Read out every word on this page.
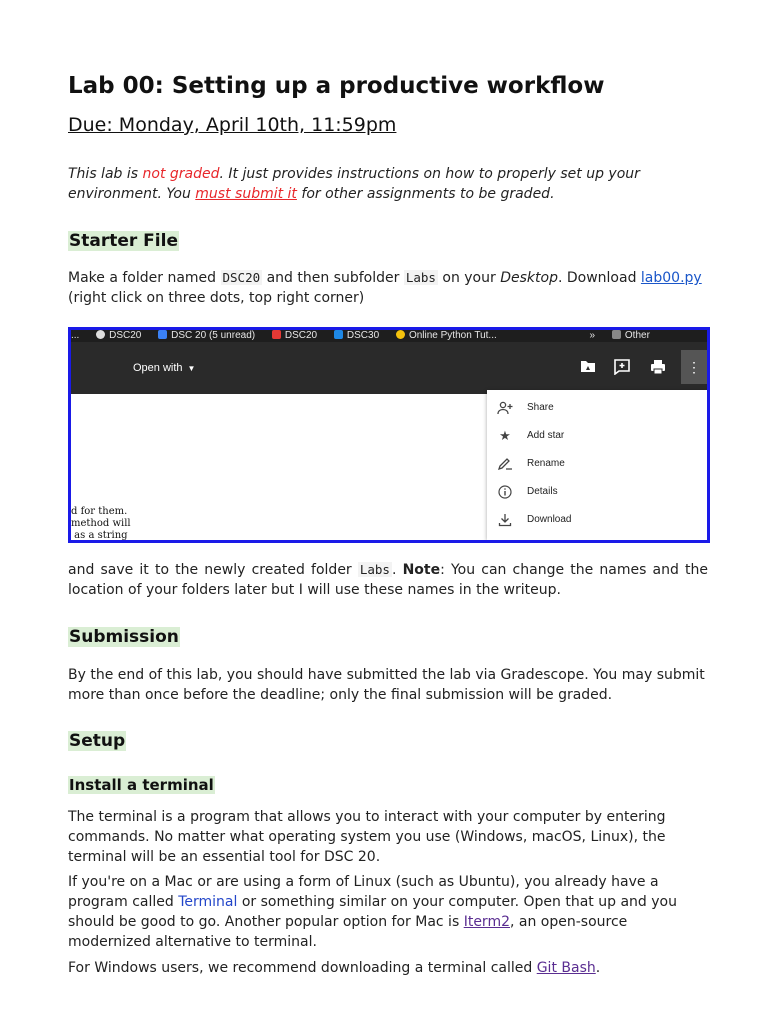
Lab 00: Setting up a productive workflow
Due: Monday, April 10th, 11:59pm

This lab is not graded. It just provides instructions on how to properly set up your environment. You must submit it for other assignments to be graded.

Starter File

Make a folder named DSC20 and then subfolder Labs on your Desktop. Download lab00.py (right click on three dots, top right corner)

...	DSC20	DSC 20 (5 unread)	DSC20	DSC30	Online Python Tut...	»	Other
Open with ▼	⋮
d for them.
method will
as a string
Share
★ Add star
Rename
Details
Download

and save it to the newly created folder Labs . Note: You can change the names and the location of your folders later but I will use these names in the writeup.

Submission

By the end of this lab, you should have submitted the lab via Gradescope. You may submit more than once before the deadline; only the final submission will be graded.

Setup
Install a terminal

The terminal is a program that allows you to interact with your computer by entering commands. No matter what operating system you use (Windows, macOS, Linux), the terminal will be an essential tool for DSC 20.

If you're on a Mac or are using a form of Linux (such as Ubuntu), you already have a program called Terminal or something similar on your computer. Open that up and you should be good to go. Another popular option for Mac is Iterm2, an open-source modernized alternative to terminal.

For Windows users, we recommend downloading a terminal called Git Bash.
